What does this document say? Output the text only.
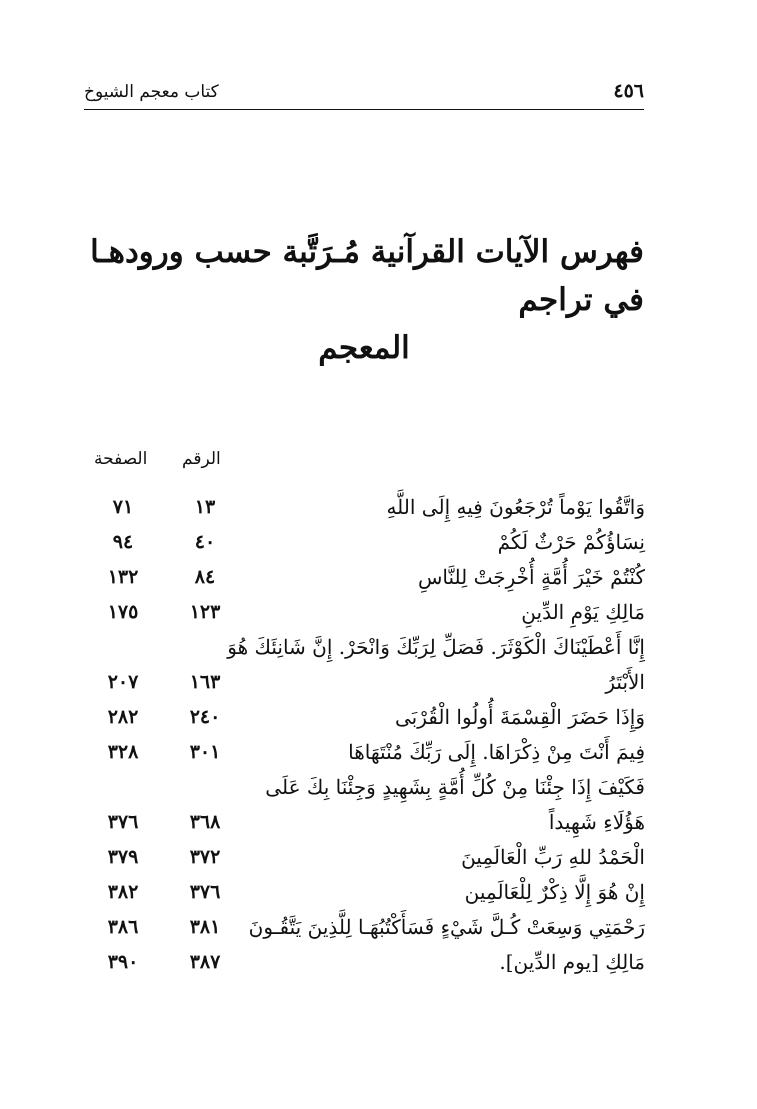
كتاب معجم الشيوخ	٤٥٦
فهرس الآيات القرآنية مُـرَتَّبة حسب ورودهـا في تراجم
المعجم
الصفحة الرقم
وَاتَّقُوا يَوْماً تُرْجَعُونَ فِيهِ إِلَى اللَّهِ
١٣
٧١
نِسَاؤُكُمْ حَرْثٌ لَكُمْ
٤٠
٩٤
كُنْتُمْ خَيْرَ أُمَّةٍ أُخْرِجَتْ لِلنَّاسِ
٨٤
١٣٢
مَالِكِ يَوْمِ الدِّينِ
١٢٣
١٧٥
إِنَّا أَعْطَيْنَاكَ الْكَوْثَرَ. فَصَلِّ لِرَبِّكَ وَانْحَرْ. إِنَّ شَانِئَكَ هُوَ
الأَبْتَرُ
١٦٣
٢٠٧
وَإِذَا حَضَرَ الْقِسْمَةَ أُولُوا الْقُرْبَى
٢٤٠
٢٨٢
فِيمَ أَنْتَ مِنْ ذِكْرَاهَا. إِلَى رَبِّكَ مُنْتَهَاهَا
٣٠١
٣٢٨
فَكَيْفَ إِذَا جِئْنَا مِنْ كُلِّ أُمَّةٍ بِشَهِيدٍ وَجِئْنَا بِكَ عَلَى
هَؤُلَاءِ شَهِيداً
٣٦٨
٣٧٦
الْحَمْدُ للهِ رَبِّ الْعَالَمِينَ
٣٧٢
٣٧٩
إِنْ هُوَ إِلَّا ذِكْرٌ لِلْعَالَمِين
٣٧٦
٣٨٢
رَحْمَتِي وَسِعَتْ كُـلَّ شَيْءٍ فَسَأَكْتُبُهَـا لِلَّذِينَ يَتَّقُـونَ
٣٨١
٣٨٦
مَالِكِ [يوم الدِّين].
٣٨٧
٣٩٠
